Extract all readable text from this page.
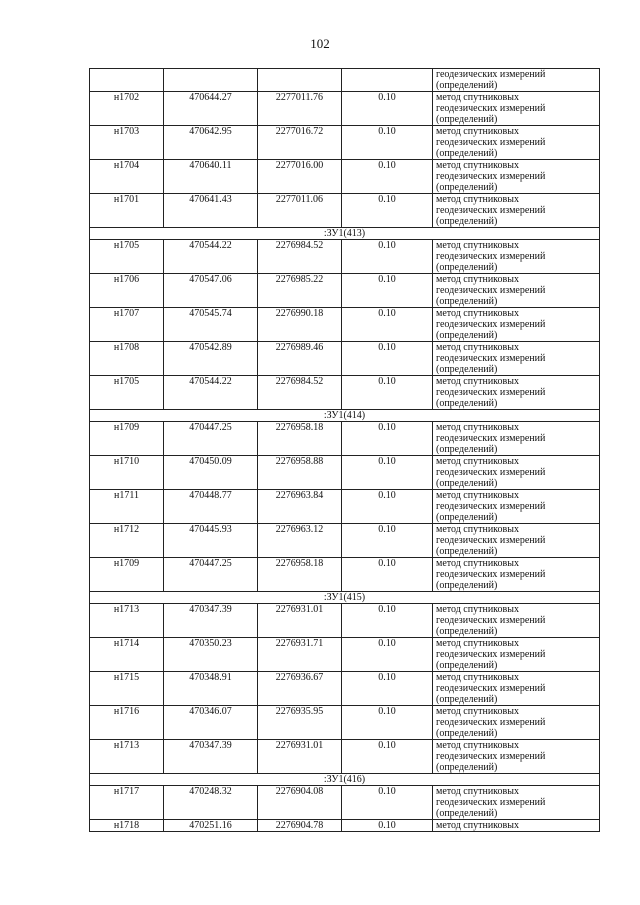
102

				геодезических измерений
(определений)

н1702	470644.27	2277011.76	0.10	метод спутниковых
геодезических измерений
(определений)

н1703	470642.95	2277016.72	0.10	метод спутниковых
геодезических измерений
(определений)

н1704	470640.11	2277016.00	0.10	метод спутниковых
геодезических измерений
(определений)

н1701	470641.43	2277011.06	0.10	метод спутниковых
геодезических измерений
(определений)

:ЗУ1(413)				
н1705	470544.22	2276984.52	0.10	метод спутниковых
геодезических измерений
(определений)

н1706	470547.06	2276985.22	0.10	метод спутниковых
геодезических измерений
(определений)

н1707	470545.74	2276990.18	0.10	метод спутниковых
геодезических измерений
(определений)

н1708	470542.89	2276989.46	0.10	метод спутниковых
геодезических измерений
(определений)

н1705	470544.22	2276984.52	0.10	метод спутниковых
геодезических измерений
(определений)

:ЗУ1(414)				
н1709	470447.25	2276958.18	0.10	метод спутниковых
геодезических измерений
(определений)

н1710	470450.09	2276958.88	0.10	метод спутниковых
геодезических измерений
(определений)

н1711	470448.77	2276963.84	0.10	метод спутниковых
геодезических измерений
(определений)

н1712	470445.93	2276963.12	0.10	метод спутниковых
геодезических измерений
(определений)

н1709	470447.25	2276958.18	0.10	метод спутниковых
геодезических измерений
(определений)

:ЗУ1(415)				
н1713	470347.39	2276931.01	0.10	метод спутниковых
геодезических измерений
(определений)

н1714	470350.23	2276931.71	0.10	метод спутниковых
геодезических измерений
(определений)

н1715	470348.91	2276936.67	0.10	метод спутниковых
геодезических измерений
(определений)

н1716	470346.07	2276935.95	0.10	метод спутниковых
геодезических измерений
(определений)

н1713	470347.39	2276931.01	0.10	метод спутниковых
геодезических измерений
(определений)

:ЗУ1(416)				
н1717	470248.32	2276904.08	0.10	метод спутниковых
геодезических измерений
(определений)

н1718	470251.16	2276904.78	0.10	метод спутниковых
